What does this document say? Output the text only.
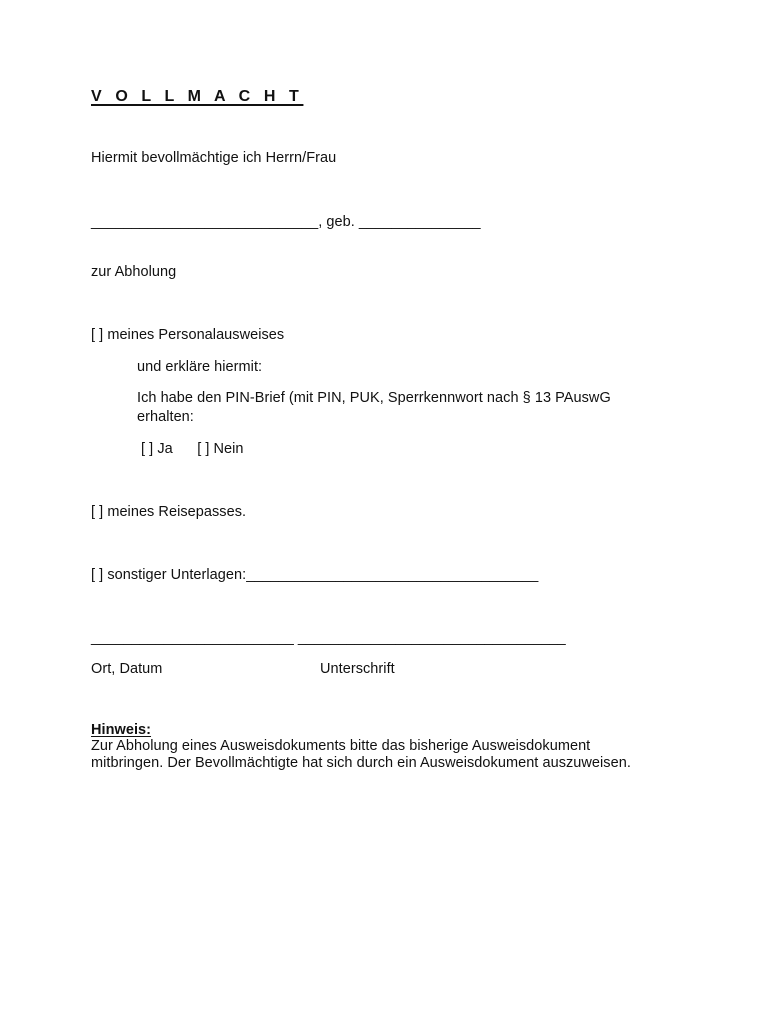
V O L L M A C H T
Hiermit bevollmächtige ich Herrn/Frau
____________________________, geb. _______________
zur Abholung
[ ] meines Personalausweises
und erkläre hiermit:
Ich habe den PIN-Brief (mit PIN, PUK, Sperrkennwort nach § 13 PAuswG
erhalten:
[ ] Ja      [ ] Nein
[ ] meines Reisepasses.
[ ] sonstiger Unterlagen:____________________________________
_________________________ _________________________________
Ort, Datum	Unterschrift
Hinweis:
Zur Abholung eines Ausweisdokuments bitte das bisherige Ausweisdokument
mitbringen. Der Bevollmächtigte hat sich durch ein Ausweisdokument auszuweisen.
